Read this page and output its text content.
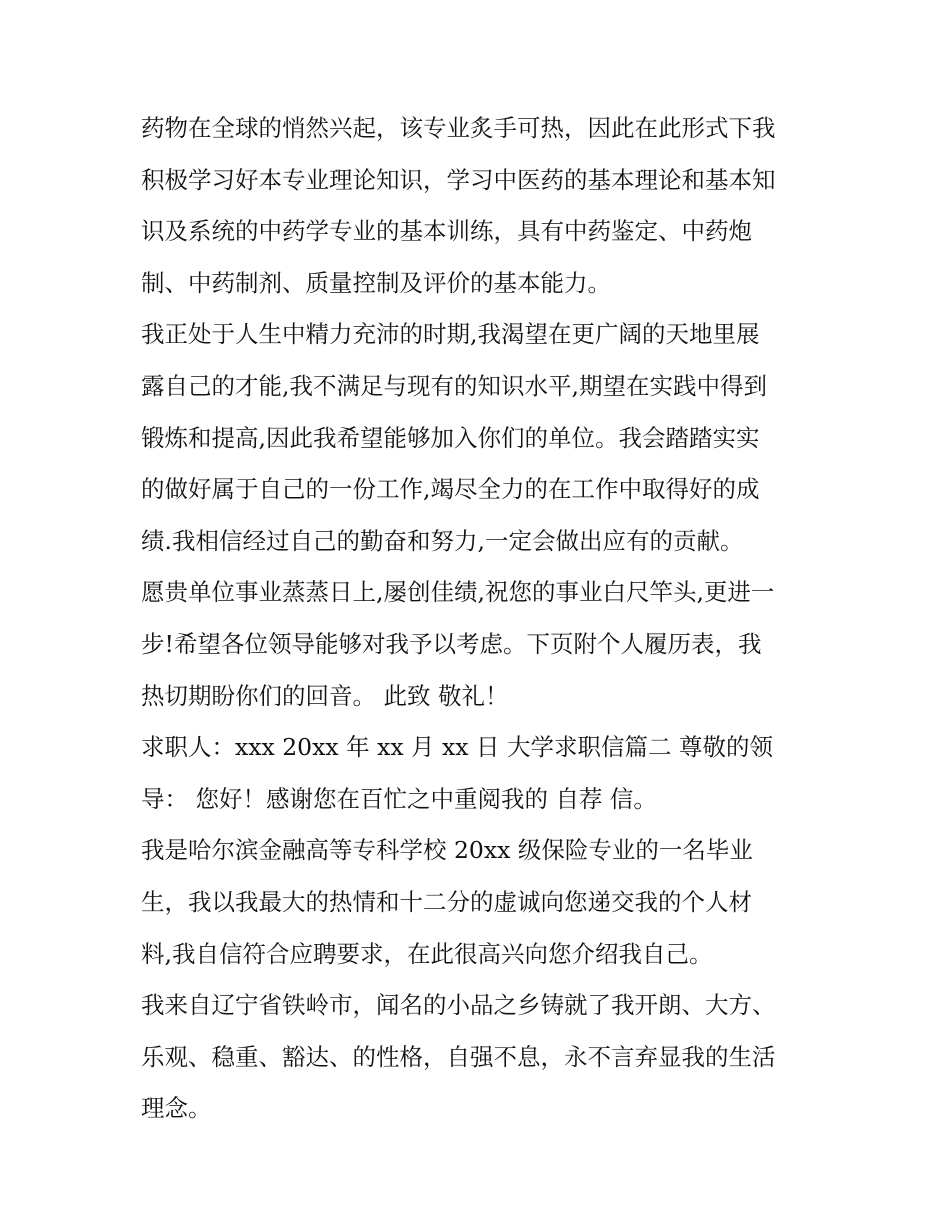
药物在全球的悄然兴起，该专业炙手可热，因此在此形式下我
积极学习好本专业理论知识，学习中医药的基本理论和基本知
识及系统的中药学专业的基本训练，具有中药鉴定、中药炮
制、中药制剂、质量控制及评价的基本能力。
我正处于人生中精力充沛的时期,我渴望在更广阔的天地里展
露自己的才能,我不满足与现有的知识水平,期望在实践中得到
锻炼和提高,因此我希望能够加入你们的单位。我会踏踏实实
的做好属于自己的一份工作,竭尽全力的在工作中取得好的成
绩.我相信经过自己的勤奋和努力,一定会做出应有的贡献。
愿贵单位事业蒸蒸日上,屡创佳绩,祝您的事业白尺竿头,更进一
步!希望各位领导能够对我予以考虑。下页附个人履历表，我
热切期盼你们的回音。 此致 敬礼！
求职人：xxx 20xx 年 xx 月 xx 日 大学求职信篇二 尊敬的领
导： 您好！感谢您在百忙之中重阅我的 自荐 信。
我是哈尔滨金融高等专科学校 20xx 级保险专业的一名毕业
生，我以我最大的热情和十二分的虚诚向您递交我的个人材
料,我自信符合应聘要求，在此很高兴向您介绍我自己。
我来自辽宁省铁岭市，闻名的小品之乡铸就了我开朗、大方、
乐观、稳重、豁达、的性格，自强不息，永不言弃显我的生活
理念。
